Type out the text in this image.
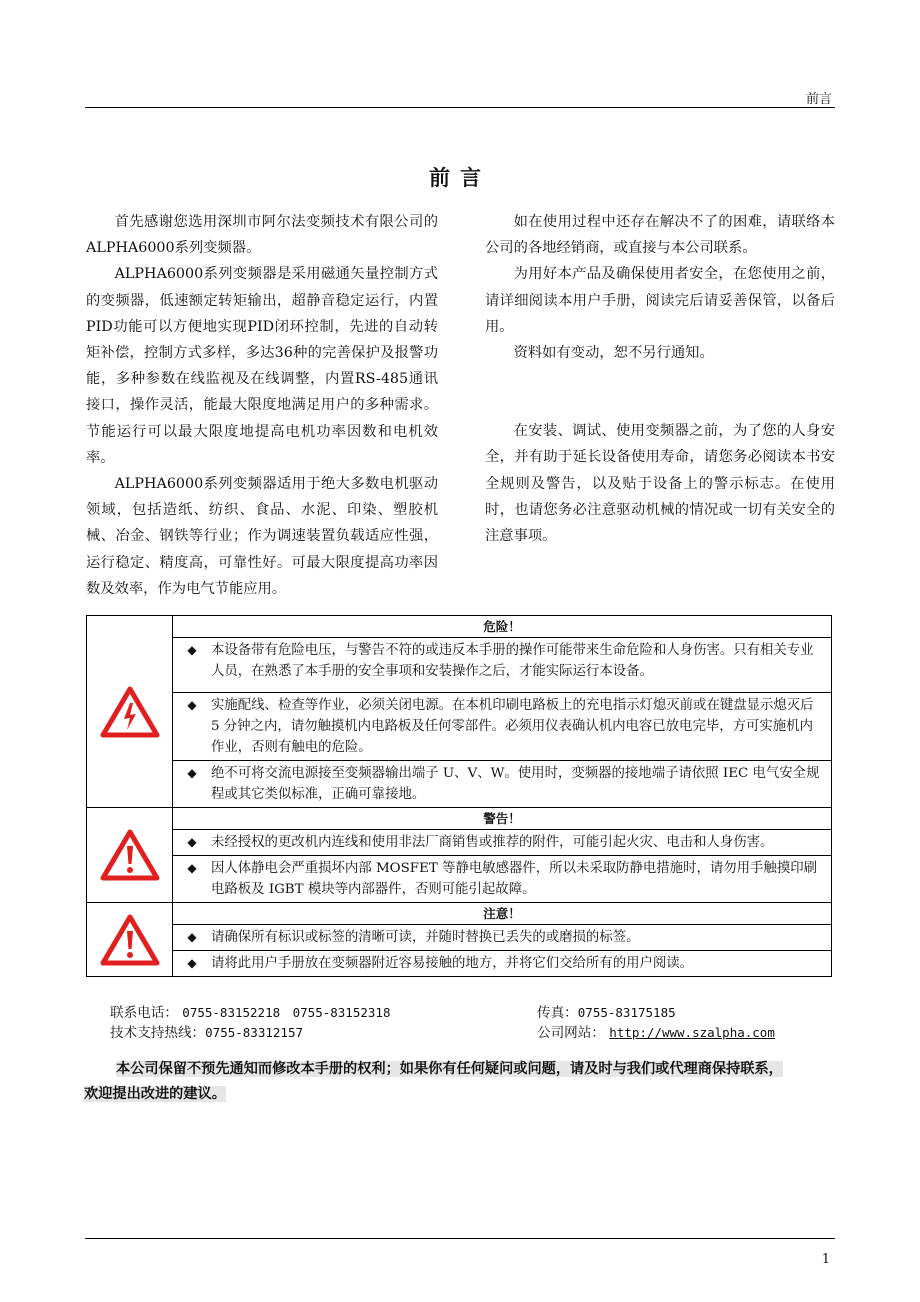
前言
前言

首先感谢您选用深圳市阿尔法变频技术有限公司的ALPHA6000系列变频器。

ALPHA6000系列变频器是采用磁通矢量控制方式的变频器，低速额定转矩输出，超静音稳定运行，内置PID功能可以方便地实现PID闭环控制，先进的自动转矩补偿，控制方式多样，多达36种的完善保护及报警功能，多种参数在线监视及在线调整，内置RS-485通讯接口，操作灵活，能最大限度地满足用户的多种需求。节能运行可以最大限度地提高电机功率因数和电机效率。

ALPHA6000系列变频器适用于绝大多数电机驱动领域，包括造纸、纺织、食品、水泥、印染、塑胶机械、冶金、钢铁等行业；作为调速装置负载适应性强，运行稳定、精度高，可靠性好。可最大限度提高功率因数及效率，作为电气节能应用。

如在使用过程中还存在解决不了的困难，请联络本公司的各地经销商，或直接与本公司联系。

为用好本产品及确保使用者安全，在您使用之前，请详细阅读本用户手册，阅读完后请妥善保管，以备后用。

资料如有变动，恕不另行通知。

在安装、调试、使用变频器之前，为了您的人身安全，并有助于延长设备使用寿命，请您务必阅读本书安全规则及警告，以及贴于设备上的警示标志。在使用时，也请您务必注意驱动机械的情况或一切有关安全的注意事项。

	危险！

	◆ 本设备带有危险电压，与警告不符的或违反本手册的操作可能带来生命危险和人身伤害。只有相关专业人员，在熟悉了本手册的安全事项和安装操作之后，才能实际运行本设备。

	◆ 实施配线、检查等作业，必须关闭电源。在本机印刷电路板上的充电指示灯熄灭前或在键盘显示熄灭后 5 分钟之内，请勿触摸机内电路板及任何零部件。必须用仪表确认机内电容已放电完毕，方可实施机内作业，否则有触电的危险。

	◆ 绝不可将交流电源接至变频器输出端子 U、V、W。使用时，变频器的接地端子请依照 IEC 电气安全规程或其它类似标准，正确可靠接地。

	警告！

	◆ 未经授权的更改机内连线和使用非法厂商销售或推荐的附件，可能引起火灾、电击和人身伤害。

	◆ 因人体静电会严重损坏内部 MOSFET 等静电敏感器件，所以未采取防静电措施时，请勿用手触摸印刷电路板及 IGBT 模块等内部器件，否则可能引起故障。

	注意！

	◆ 请确保所有标识或标签的清晰可读，并随时替换已丢失的或磨损的标签。

	◆ 请将此用户手册放在变频器附近容易接触的地方，并将它们交给所有的用户阅读。
联系电话： 0755-83152218　0755-83152318	传真：0755-83175185
技术支持热线：0755-83312157	公司网站： http://www.szalpha.com
本公司保留不预先通知而修改本手册的权利；如果你有任何疑问或问题，请及时与我们或代理商保持联系，
欢迎提出改进的建议。
1
